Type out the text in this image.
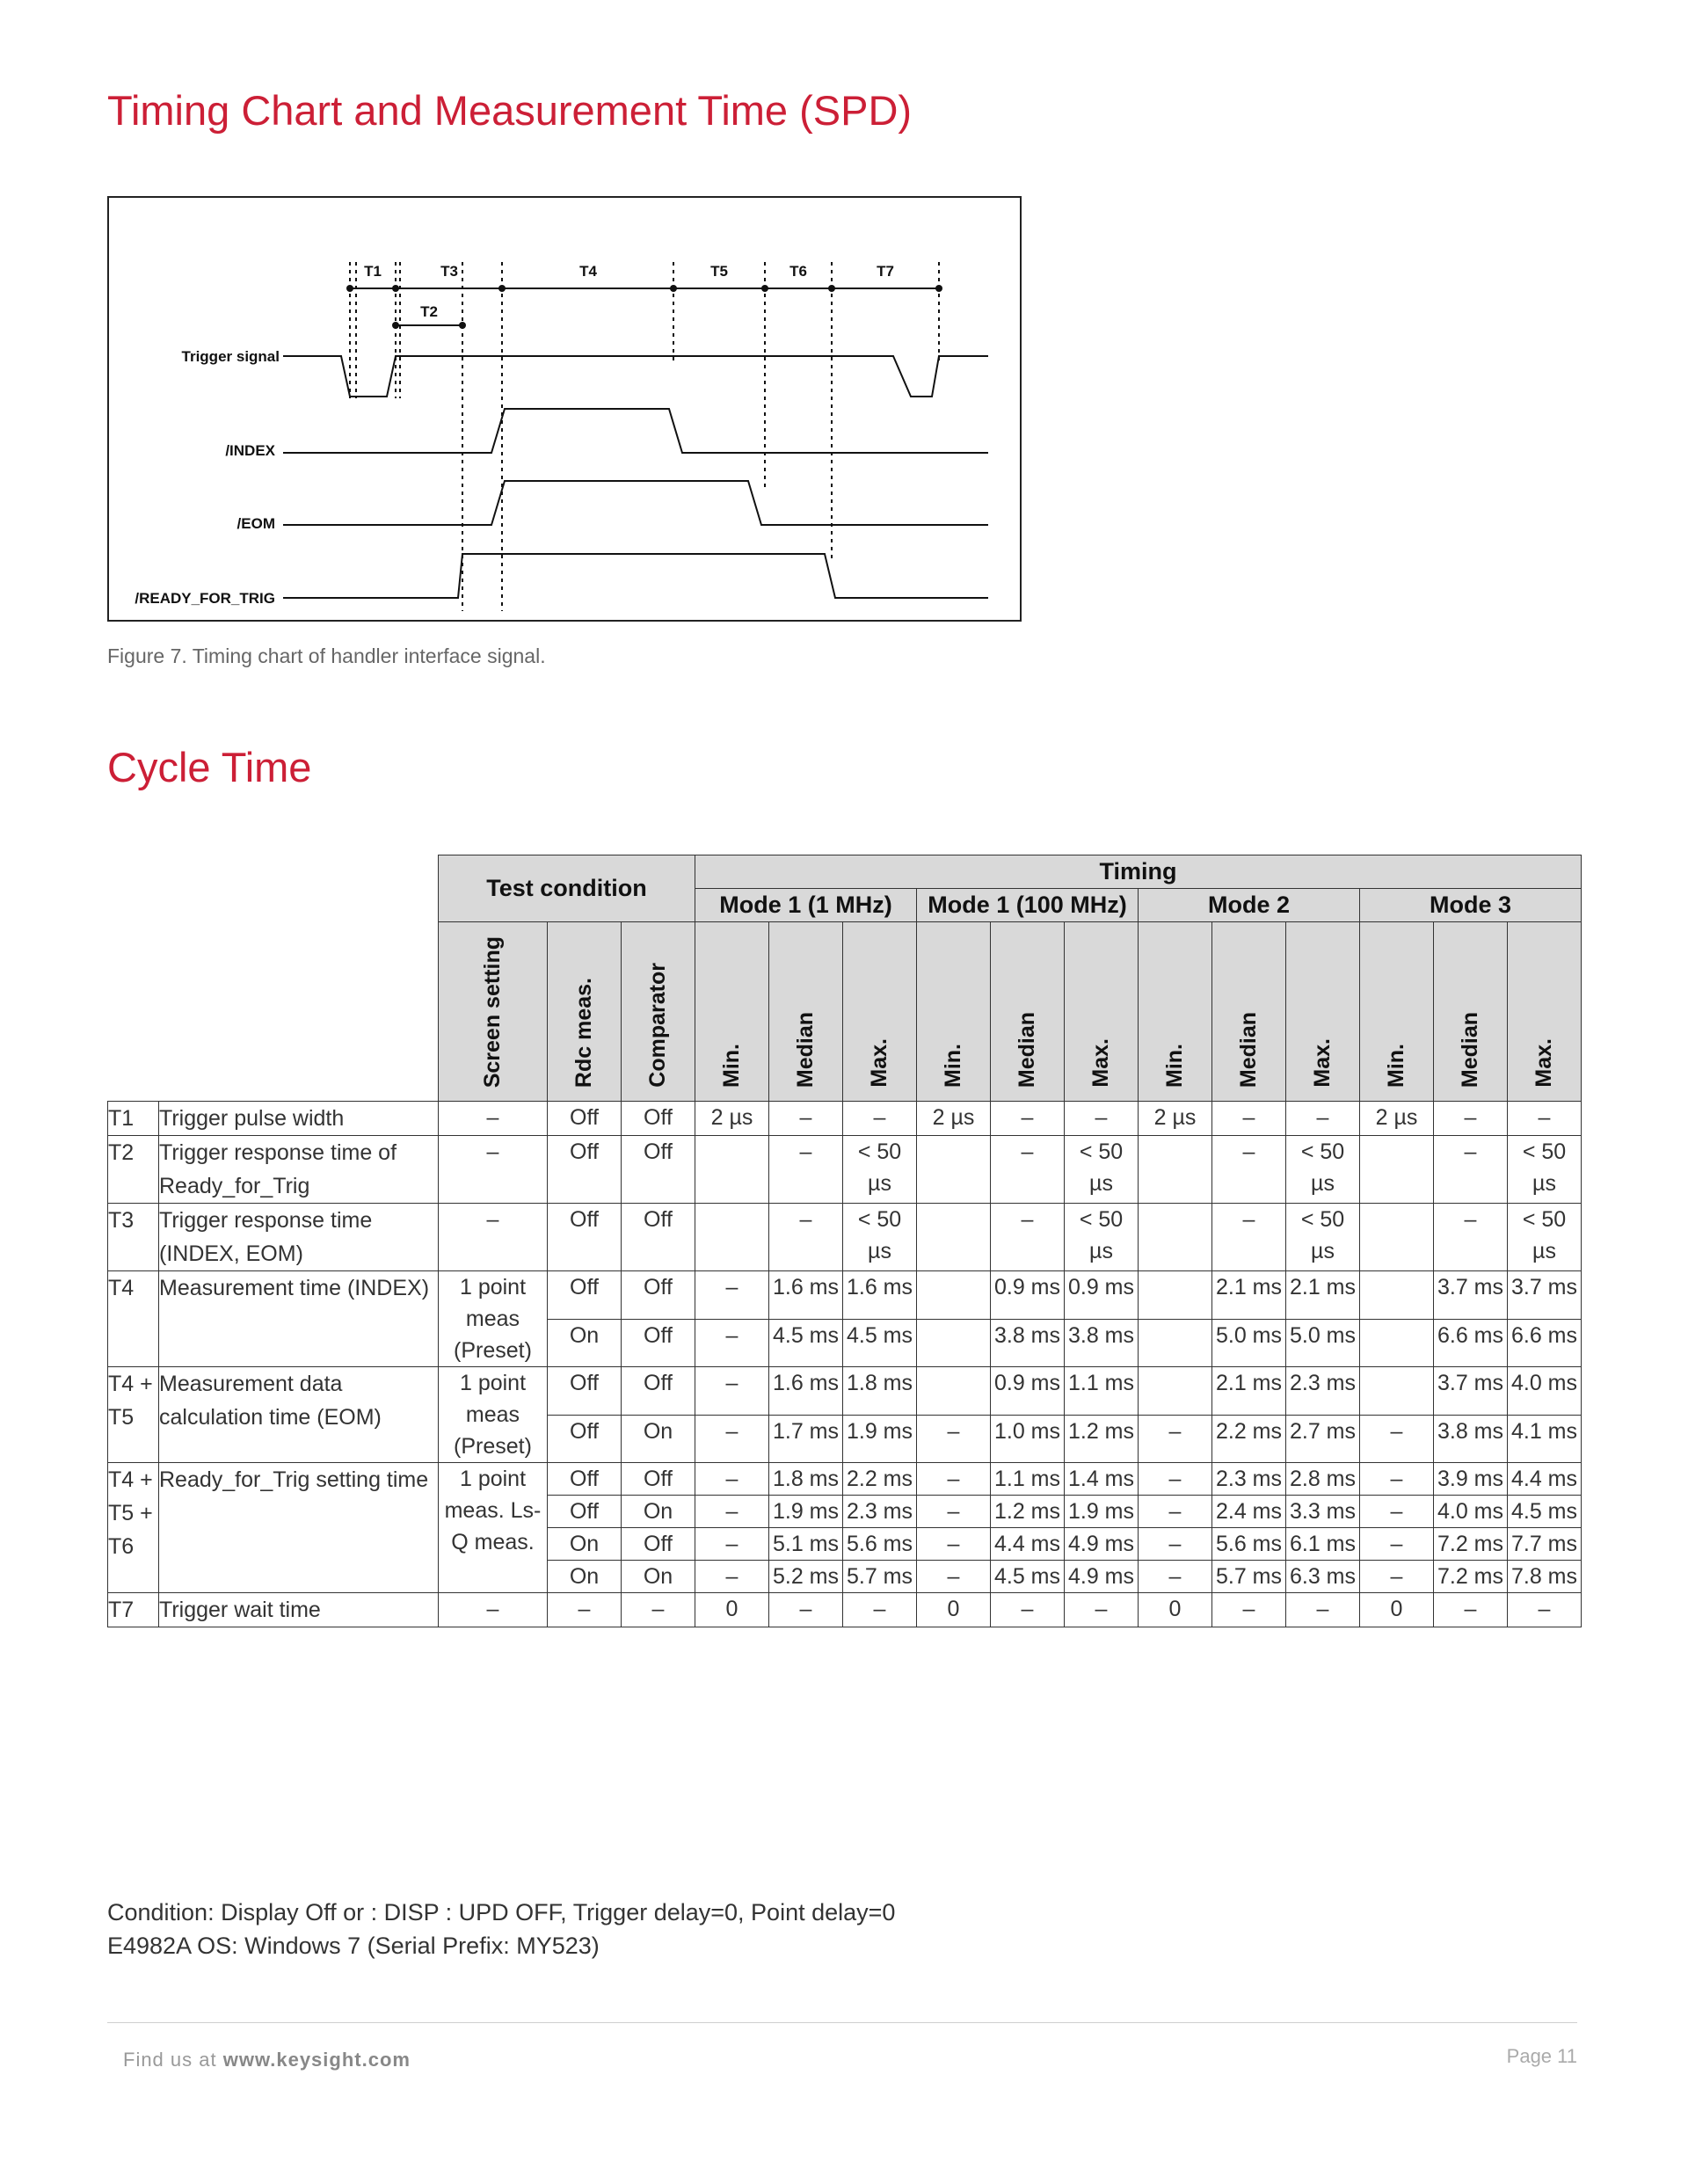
Timing Chart and Measurement Time (SPD)
T1	T3	T4	T5	T6	T7
T2
Trigger signal
/INDEX
/EOM
/READY_FOR_TRIG
Figure 7. Timing chart of handler interface signal.
Cycle Time
		Test condition			Timing											
					Mode 1 (1 MHz)			Mode 1 (100 MHz)			Mode 2			Mode 3		
		Screen setting	Rdc meas.	Comparator	Min.	Median	Max.	Min.	Median	Max.	Min.	Median	Max.	Min.	Median	Max.
T1	Trigger pulse width	–	Off	Off	2 µs	–	–	2 µs	–	–	2 µs	–	–	2 µs	–	–
T2	Trigger response time of Ready_for_Trig	–	Off	Off		–	< 50 µs		–	< 50 µs		–	< 50 µs		–	< 50 µs
T3	Trigger response time (INDEX, EOM)	–	Off	Off		–	< 50 µs		–	< 50 µs		–	< 50 µs		–	< 50 µs
T4	Measurement time (INDEX)	1 point meas (Preset)	Off	Off	–	1.6 ms	1.6 ms		0.9 ms	0.9 ms		2.1 ms	2.1 ms		3.7 ms	3.7 ms
			On	Off	–	4.5 ms	4.5 ms		3.8 ms	3.8 ms		5.0 ms	5.0 ms		6.6 ms	6.6 ms
T4 + T5	Measurement data calculation time (EOM)	1 point meas (Preset)	Off	Off	–	1.6 ms	1.8 ms		0.9 ms	1.1 ms		2.1 ms	2.3 ms		3.7 ms	4.0 ms
			Off	On	–	1.7 ms	1.9 ms	–	1.0 ms	1.2 ms	–	2.2 ms	2.7 ms	–	3.8 ms	4.1 ms
T4 + T5 + T6	Ready_for_Trig setting time	1 point meas. Ls-Q meas.	Off	Off	–	1.8 ms	2.2 ms	–	1.1 ms	1.4 ms	–	2.3 ms	2.8 ms	–	3.9 ms	4.4 ms
			Off	On	–	1.9 ms	2.3 ms	–	1.2 ms	1.9 ms	–	2.4 ms	3.3 ms	–	4.0 ms	4.5 ms
			On	Off	–	5.1 ms	5.6 ms	–	4.4 ms	4.9 ms	–	5.6 ms	6.1 ms	–	7.2 ms	7.7 ms
			On	On	–	5.2 ms	5.7 ms	–	4.5 ms	4.9 ms	–	5.7 ms	6.3 ms	–	7.2 ms	7.8 ms
T7	Trigger wait time	–	–	–	0	–	–	0	–	–	0	–	–	0	–	–
Condition: Display Off or : DISP : UPD OFF, Trigger delay=0, Point delay=0
E4982A OS: Windows 7 (Serial Prefix: MY523)
Find us at www.keysight.com	Page 11
